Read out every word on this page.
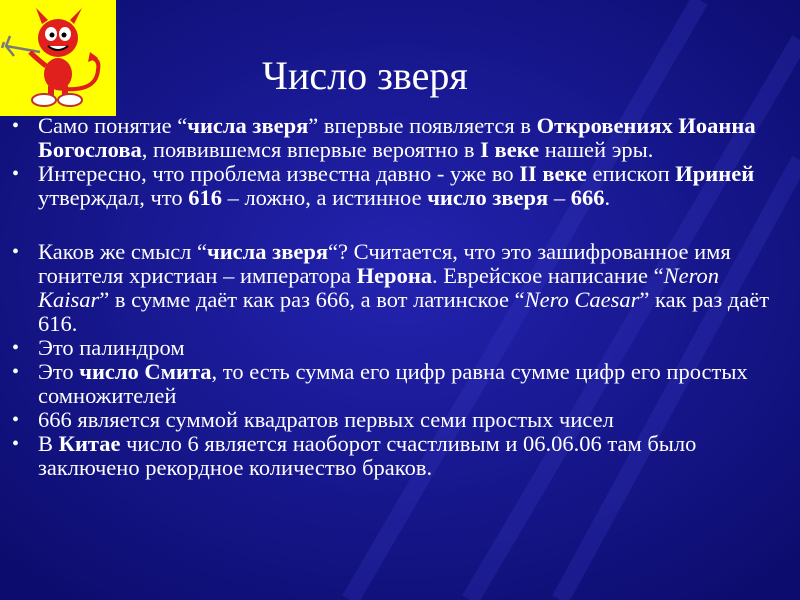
Число зверя

• Само понятие “числа зверя” впервые появляется в Откровениях Иоанна Богослова, появившемся впервые вероятно в I веке нашей эры.

• Интересно, что проблема известна давно - уже во II веке епископ Ириней утверждал, что 616 – ложно, а истинное число зверя – 666.

• Каков же смысл “числа зверя“? Считается, что это зашифрованное имя гонителя христиан – императора Нерона. Еврейское написание “Neron Kaisar” в сумме даёт как раз 666, а вот латинское “Nero Caesar” как раз даёт 616.

• Это палиндром

• Это число Смита, то есть сумма его цифр равна сумме цифр его простых сомножителей

• 666 является суммой квадратов первых семи простых чисел

• В Китае число 6 является наоборот счастливым и 06.06.06 там было заключено рекордное количество браков.
